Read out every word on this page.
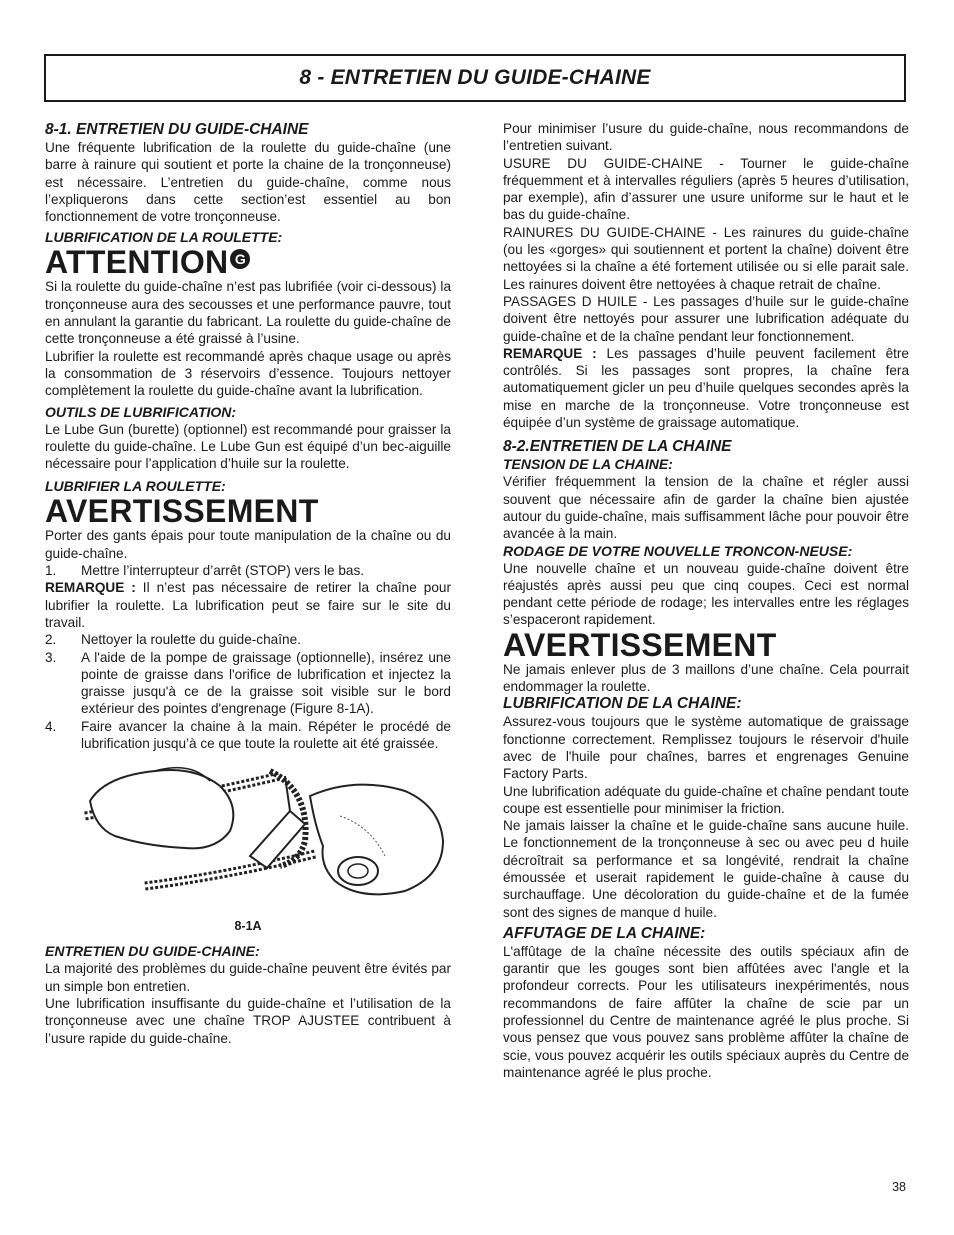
8 - ENTRETIEN DU GUIDE-CHAINE
8-1. ENTRETIEN DU GUIDE-CHAINE

Une fréquente lubrification de la roulette du guide-chaîne (une barre à rainure qui soutient et porte la chaine de la tronçonneuse) est nécessaire. L’entretien du guide-chaîne, comme nous l’expliquerons dans cette section’est essentiel au bon fonctionnement de votre tronçonneuse.

LUBRIFICATION DE LA ROULETTE:
ATTENTION G

Si la roulette du guide-chaîne n’est pas lubrifiée (voir ci-dessous) la tronçonneuse aura des secousses et une performance pauvre, tout en annulant la garantie du fabricant. La roulette du guide-chaîne de cette tronçonneuse a été graissé à l’usine.

Lubrifier la roulette est recommandé après chaque usage ou après la consommation de 3 réservoirs d’essence. Toujours nettoyer complètement la roulette du guide-chaîne avant la lubrification.

OUTILS DE LUBRIFICATION:

Le Lube Gun (burette) (optionnel) est recommandé pour graisser la roulette du guide-chaîne. Le Lube Gun est équipé d’un bec-aiguille nécessaire pour l’application d’huile sur la roulette.

LUBRIFIER LA ROULETTE:
AVERTISSEMENT

Porter des gants épais pour toute manipulation de la chaîne ou du guide-chaîne.

1. Mettre l’interrupteur d’arrêt (STOP) vers le bas.

REMARQUE : Il n’est pas nécessaire de retirer la chaîne pour lubrifier la roulette. La lubrification peut se faire sur le site du travail.

2. Nettoyer la roulette du guide-chaîne.
3. A l'aide de la pompe de graissage (optionnelle), insérez une pointe de graisse dans l'orifice de lubrification et injectez la graisse jusqu'à ce de la graisse soit visible sur le bord extérieur des pointes d'engrenage (Figure 8-1A).
4. Faire avancer la chaine à la main. Répéter le procédé de lubrification jusqu’à ce que toute la roulette ait été graissée.
8-1A
ENTRETIEN DU GUIDE-CHAINE:

La majorité des problèmes du guide-chaîne peuvent être évités par un simple bon entretien.

Une lubrification insuffisante du guide-chaîne et l’utilisation de la tronçonneuse avec une chaîne TROP AJUSTEE contribuent à l’usure rapide du guide-chaîne.

Pour minimiser l’usure du guide-chaîne, nous recommandons de l’entretien suivant.

USURE DU GUIDE-CHAINE - Tourner le guide-chaîne fréquemment et à intervalles réguliers (après 5 heures d’utilisation, par exemple), afin d’assurer une usure uniforme sur le haut et le bas du guide-chaîne.

RAINURES DU GUIDE-CHAINE - Les rainures du guide-chaîne (ou les «gorges» qui soutiennent et portent la chaîne) doivent être nettoyées si la chaîne a été fortement utilisée ou si elle parait sale. Les rainures doivent être nettoyées à chaque retrait de chaîne.

PASSAGES D HUILE - Les passages d’huile sur le guide-chaîne doivent être nettoyés pour assurer une lubrification adéquate du guide-chaîne et de la chaîne pendant leur fonctionnement.

REMARQUE : Les passages d’huile peuvent facilement être contrôlés. Si les passages sont propres, la chaîne fera automatiquement gicler un peu d’huile quelques secondes après la mise en marche de la tronçonneuse. Votre tronçonneuse est équipée d’un système de graissage automatique.

8-2.ENTRETIEN DE LA CHAINE
TENSION DE LA CHAINE:

Vérifier fréquemment la tension de la chaîne et régler aussi souvent que nécessaire afin de garder la chaîne bien ajustée autour du guide-chaîne, mais suffisamment lâche pour pouvoir être avancée à la main.

RODAGE DE VOTRE NOUVELLE TRONCON-NEUSE:

Une nouvelle chaîne et un nouveau guide-chaîne doivent être réajustés après aussi peu que cinq coupes. Ceci est normal pendant cette période de rodage; les intervalles entre les réglages s’espaceront rapidement.

AVERTISSEMENT

Ne jamais enlever plus de 3 maillons d’une chaîne. Cela pourrait endommager la roulette.

LUBRIFICATION DE LA CHAINE:

Assurez-vous toujours que le système automatique de graissage fonctionne correctement. Remplissez toujours le réservoir d'huile avec de l'huile pour chaînes, barres et engrenages Genuine Factory Parts.

Une lubrification adéquate du guide-chaîne et chaîne pendant toute coupe est essentielle pour minimiser la friction.

Ne jamais laisser la chaîne et le guide-chaîne sans aucune huile. Le fonctionnement de la tronçonneuse à sec ou avec peu d huile décroîtrait sa performance et sa longévité, rendrait la chaîne émoussée et userait rapidement le guide-chaîne à cause du surchauffage. Une décoloration du guide-chaîne et de la fumée sont des signes de manque d huile.

AFFUTAGE DE LA CHAINE:

L'affûtage de la chaîne nécessite des outils spéciaux afin de garantir que les gouges sont bien affûtées avec l'angle et la profondeur corrects. Pour les utilisateurs inexpérimentés, nous recommandons de faire affûter la chaîne de scie par un professionnel du Centre de maintenance agréé le plus proche. Si vous pensez que vous pouvez sans problème affûter la chaîne de scie, vous pouvez acquérir les outils spéciaux auprès du Centre de maintenance agréé le plus proche.

38
